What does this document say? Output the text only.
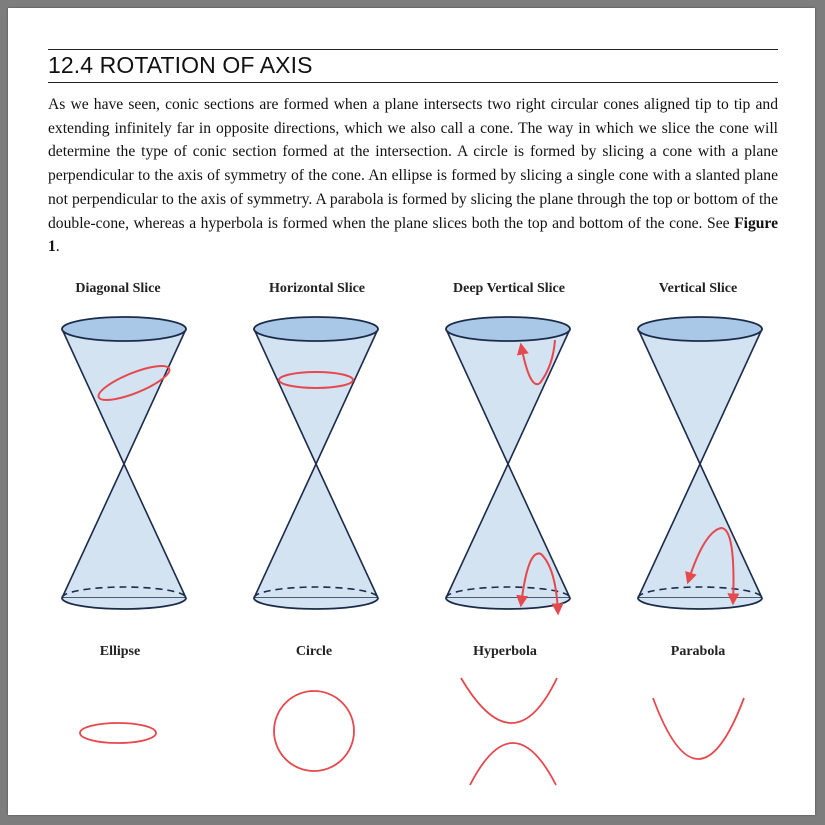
12.4 ROTATION OF AXIS

As we have seen, conic sections are formed when a plane intersects two right circular cones aligned tip to tip and extending infinitely far in opposite directions, which we also call a cone. The way in which we slice the cone will determine the type of conic section formed at the intersection. A circle is formed by slicing a cone with a plane perpendicular to the axis of symmetry of the cone. An ellipse is formed by slicing a single cone with a slanted plane not perpendicular to the axis of symmetry. A parabola is formed by slicing the plane through the top or bottom of the double-cone, whereas a hyperbola is formed when the plane slices both the top and bottom of the cone. See Figure 1.

Diagonal Slice	Horizontal Slice	Deep Vertical Slice	Vertical Slice
Ellipse	Circle	Hyperbola	Parabola
